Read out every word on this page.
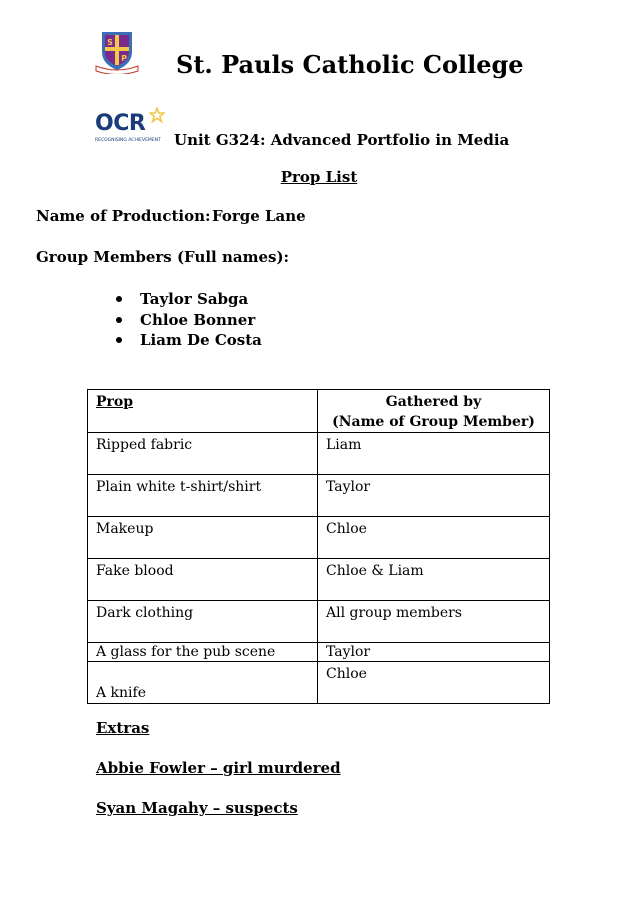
S
P St. Pauls Catholic College
OCR
RECOGNISING ACHIEVEMENT Unit G324: Advanced Portfolio in Media
Prop List
Name of Production: Forge Lane
Group Members (Full names):
Taylor Sabga
Chloe Bonner
Liam De Costa
Prop	Gathered by
(Name of Group Member)

Ripped fabric	Liam
Plain white t-shirt/shirt	Taylor
Makeup	Chloe
Fake blood	Chloe & Liam
Dark clothing	All group members
A glass for the pub scene	Taylor
A knife	Chloe
Extras
Abbie Fowler – girl murdered
Syan Magahy – suspects
